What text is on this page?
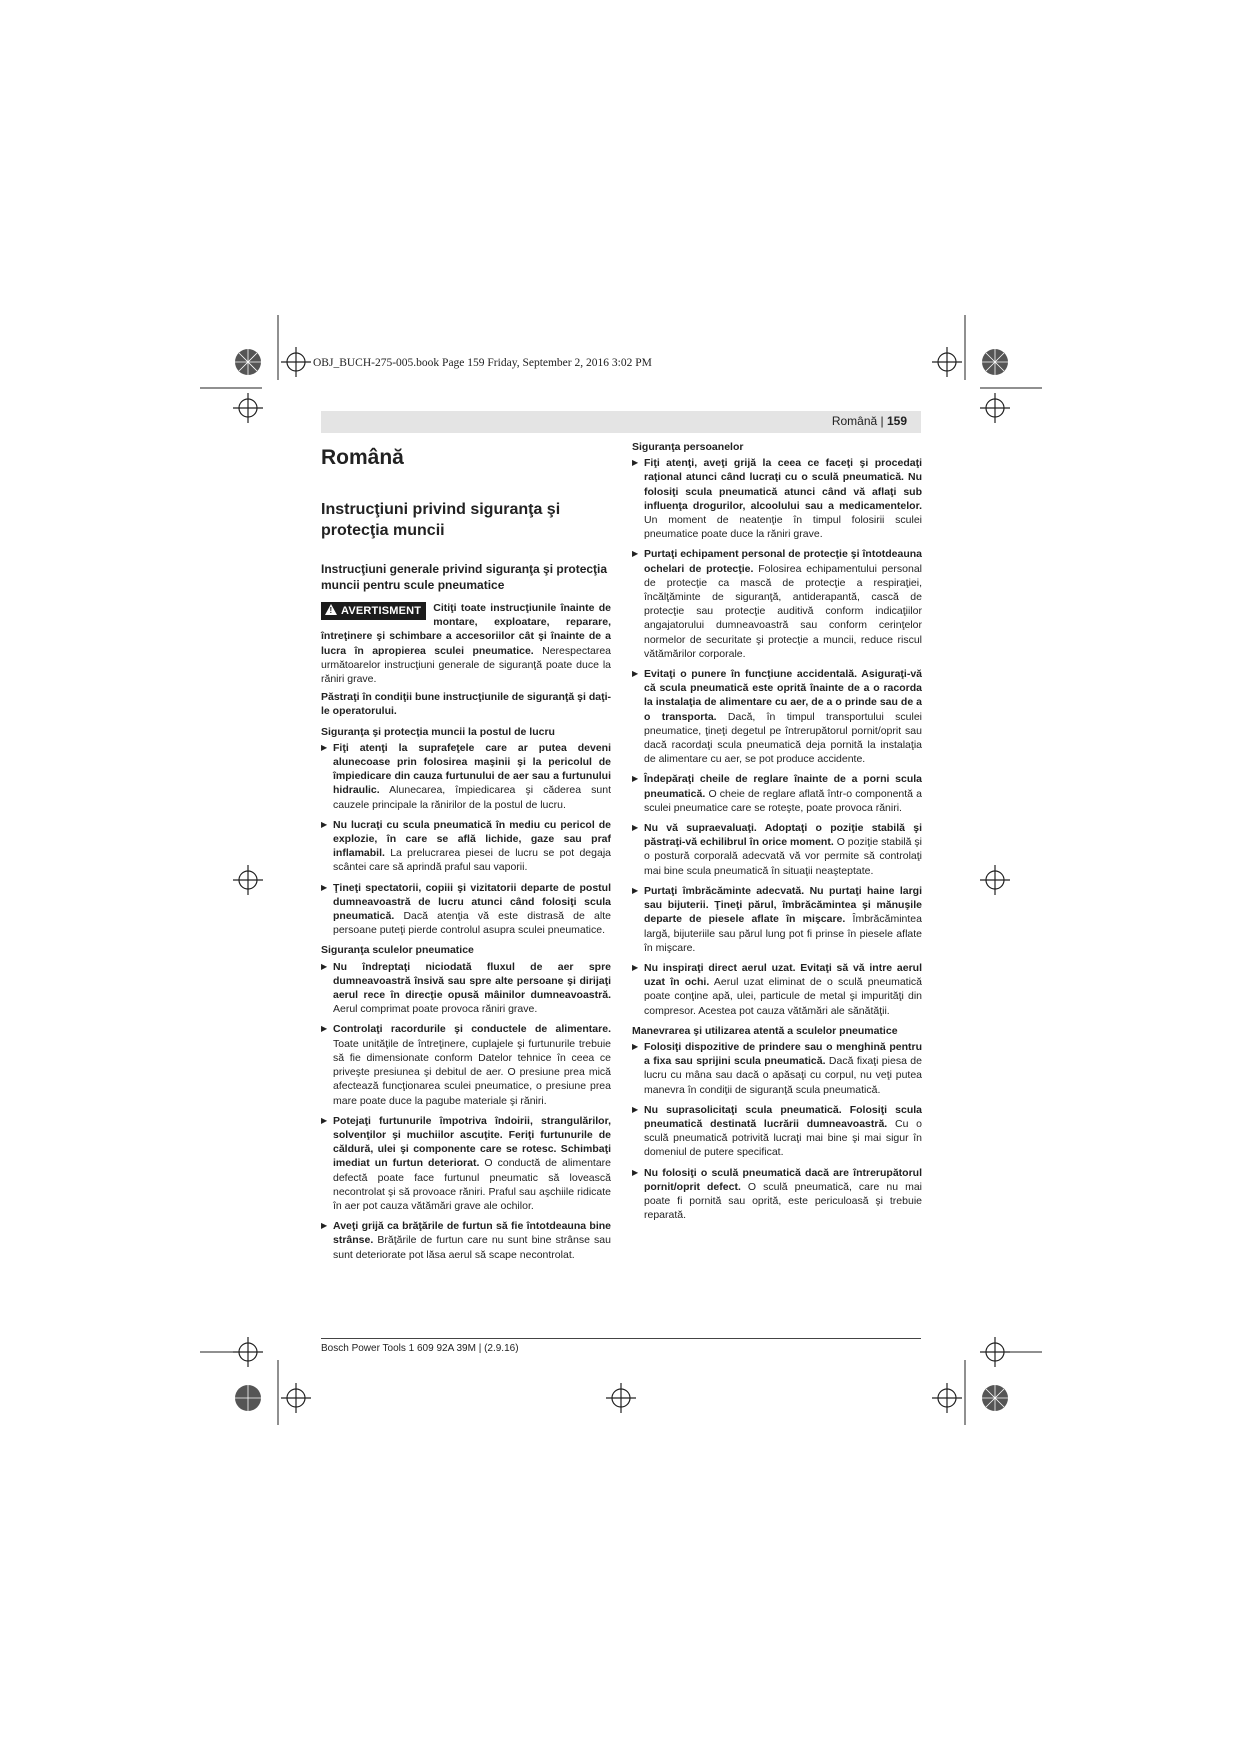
OBJ_BUCH-275-005.book Page 159 Friday, September 2, 2016 3:02 PM
Română | 159
Română
Instrucţiuni privind siguranţa şi protecţia muncii
Instrucţiuni generale privind siguranţa şi protecţia muncii pentru scule pneumatice
! AVERTISMENT	Citiţi toate instrucţiunile înainte de montare, exploatare, reparare, întreţinere şi schimbare a accesoriilor cât şi înainte de a lucra în apropierea sculei pneumatice. Nerespectarea următoarelor instrucţiuni generale de siguranţă poate duce la răniri grave.
Păstraţi în condiţii bune instrucţiunile de siguranţă şi daţi-le operatorului.
Siguranţa şi protecţia muncii la postul de lucru
▶ Fiţi atenţi la suprafeţele care ar putea deveni alunecoase prin folosirea maşinii şi la pericolul de împiedicare din cauza furtunului de aer sau a furtunului hidraulic. Alunecarea, împiedicarea şi căderea sunt cauzele principale la rănirilor de la postul de lucru.
▶ Nu lucraţi cu scula pneumatică în mediu cu pericol de explozie, în care se află lichide, gaze sau praf inflamabil. La prelucrarea piesei de lucru se pot degaja scântei care să aprindă praful sau vaporii.
▶ Ţineţi spectatorii, copiii şi vizitatorii departe de postul dumneavoastră de lucru atunci când folosiţi scula pneumatică. Dacă atenţia vă este distrasă de alte persoane puteţi pierde controlul asupra sculei pneumatice.
Siguranţa sculelor pneumatice
▶ Nu îndreptaţi niciodată fluxul de aer spre dumneavoastră însivă sau spre alte persoane şi dirijaţi aerul rece în direcţie opusă mâinilor dumneavoastră. Aerul comprimat poate provoca răniri grave.
▶ Controlaţi racordurile şi conductele de alimentare. Toate unităţile de întreţinere, cuplajele şi furtunurile trebuie să fie dimensionate conform Datelor tehnice în ceea ce priveşte presiunea şi debitul de aer. O presiune prea mică afectează funcţionarea sculei pneumatice, o presiune prea mare poate duce la pagube materiale şi răniri.
▶ Potejaţi furtunurile împotriva îndoirii, strangulărilor, solvenţilor şi muchiilor ascuţite. Feriţi furtunurile de căldură, ulei şi componente care se rotesc. Schimbaţi imediat un furtun deteriorat. O conductă de alimentare defectă poate face furtunul pneumatic să lovească necontrolat şi să provoace răniri. Praful sau aşchiile ridicate în aer pot cauza vătămări grave ale ochilor.
▶ Aveţi grijă ca brăţările de furtun să fie întotdeauna bine strânse. Brăţările de furtun care nu sunt bine strânse sau sunt deteriorate pot lăsa aerul să scape necontrolat.
Siguranţa persoanelor
▶ Fiţi atenţi, aveţi grijă la ceea ce faceţi şi procedaţi raţional atunci când lucraţi cu o sculă pneumatică. Nu folosiţi scula pneumatică atunci când vă aflaţi sub influenţa drogurilor, alcoolului sau a medicamentelor. Un moment de neatenţie în timpul folosirii sculei pneumatice poate duce la răniri grave.
▶ Purtaţi echipament personal de protecţie şi întotdeauna ochelari de protecţie. Folosirea echipamentului personal de protecţie ca mască de protecţie a respiraţiei, încălţăminte de siguranţă, antiderapantă, cască de protecţie sau protecţie auditivă conform indicaţiilor angajatorului dumneavoastră sau conform cerinţelor normelor de securitate şi protecţie a muncii, reduce riscul vătămărilor corporale.
▶ Evitaţi o punere în funcţiune accidentală. Asiguraţi-vă că scula pneumatică este oprită înainte de a o racorda la instalaţia de alimentare cu aer, de a o prinde sau de a o transporta. Dacă, în timpul transportului sculei pneumatice, ţineţi degetul pe întrerupătorul pornit/oprit sau dacă racordaţi scula pneumatică deja pornită la instalaţia de alimentare cu aer, se pot produce accidente.
▶ Îndepăraţi cheile de reglare înainte de a porni scula pneumatică. O cheie de reglare aflată într-o componentă a sculei pneumatice care se roteşte, poate provoca răniri.
▶ Nu vă supraevaluaţi. Adoptaţi o poziţie stabilă şi păstraţi-vă echilibrul în orice moment. O poziţie stabilă şi o postură corporală adecvată vă vor permite să controlaţi mai bine scula pneumatică în situaţii neaşteptate.
▶ Purtaţi îmbrăcăminte adecvată. Nu purtaţi haine largi sau bijuterii. Ţineţi părul, îmbrăcămintea şi mănuşile departe de piesele aflate în mişcare. Îmbrăcămintea largă, bijuteriile sau părul lung pot fi prinse în piesele aflate în mişcare.
▶ Nu inspiraţi direct aerul uzat. Evitaţi să vă intre aerul uzat în ochi. Aerul uzat eliminat de o sculă pneumatică poate conţine apă, ulei, particule de metal şi impurităţi din compresor. Acestea pot cauza vătămări ale sănătăţii.
Manevrarea şi utilizarea atentă a sculelor pneumatice
▶ Folosiţi dispozitive de prindere sau o menghină pentru a fixa sau sprijini scula pneumatică. Dacă fixaţi piesa de lucru cu mâna sau dacă o apăsaţi cu corpul, nu veţi putea manevra în condiţii de siguranţă scula pneumatică.
▶ Nu suprasolicitaţi scula pneumatică. Folosiţi scula pneumatică destinată lucrării dumneavoastră. Cu o sculă pneumatică potrivită lucraţi mai bine şi mai sigur în domeniul de putere specificat.
▶ Nu folosiţi o sculă pneumatică dacă are întrerupătorul pornit/oprit defect. O sculă pneumatică, care nu mai poate fi pornită sau oprită, este periculoasă şi trebuie reparată.
Bosch Power Tools 1 609 92A 39M | (2.9.16)
